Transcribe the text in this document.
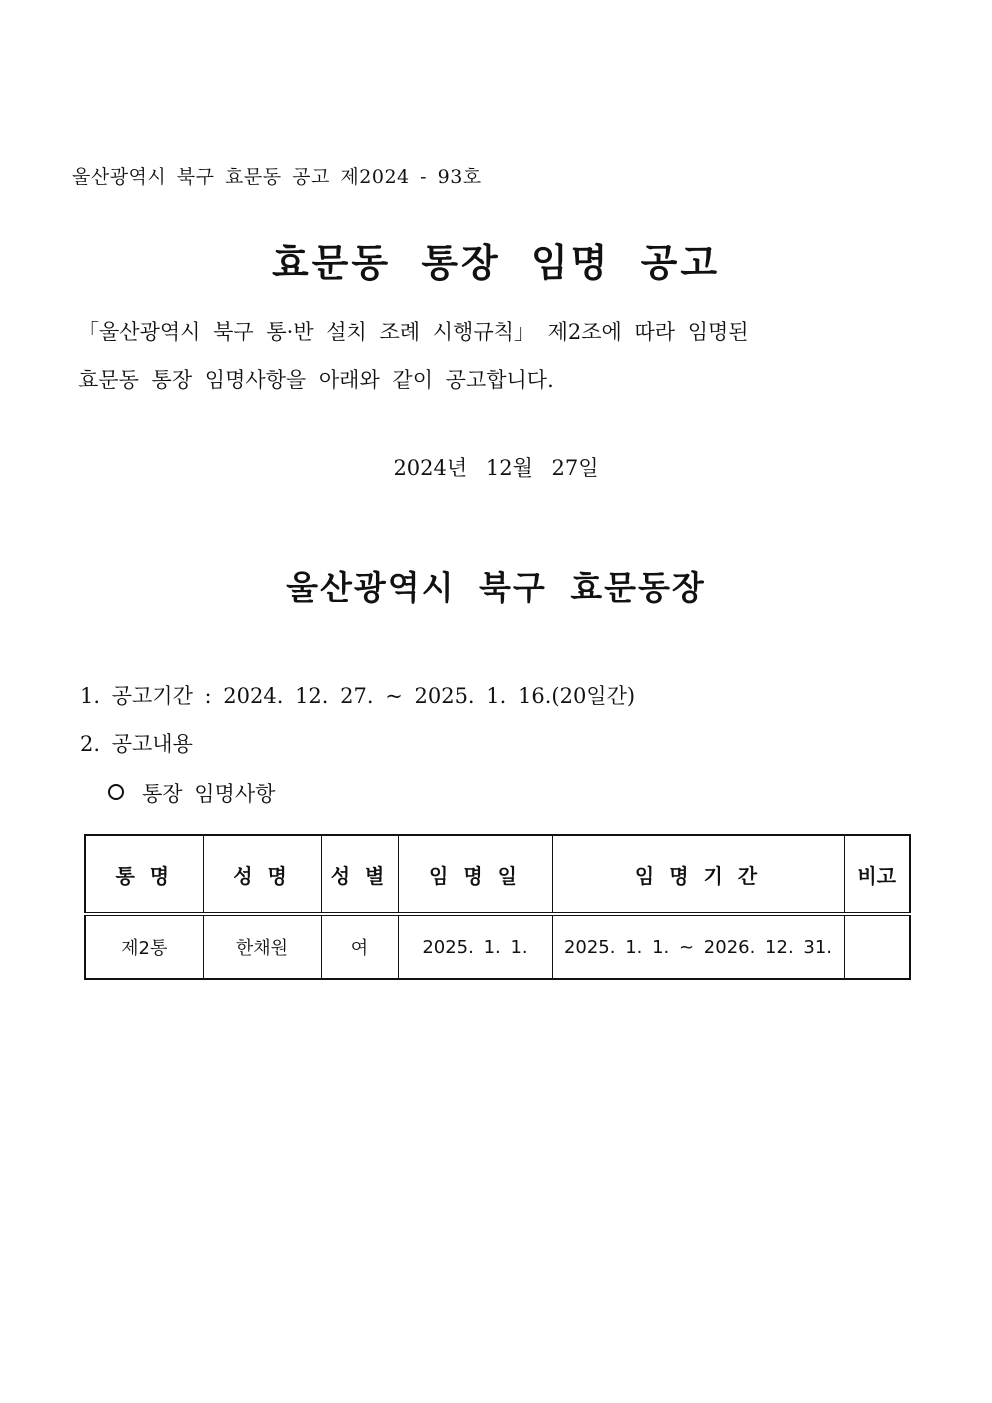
울산광역시 북구 효문동 공고 제2024 - 93호
효문동 통장 임명 공고

「울산광역시 북구 통·반 설치 조례 시행규칙」 제2조에 따라 임명된

효문동 통장 임명사항을 아래와 같이 공고합니다.

2024년 12월 27일
울산광역시 북구 효문동장
1. 공고기간 : 2024. 12. 27. ~ 2025. 1. 16.(20일간)
2. 공고내용
통장 임명사항
통 명	성 명	성 별	임 명 일	임 명 기 간	비고
제2통	한채원	여	2025. 1. 1.	2025. 1. 1. ~ 2026. 12. 31.	
